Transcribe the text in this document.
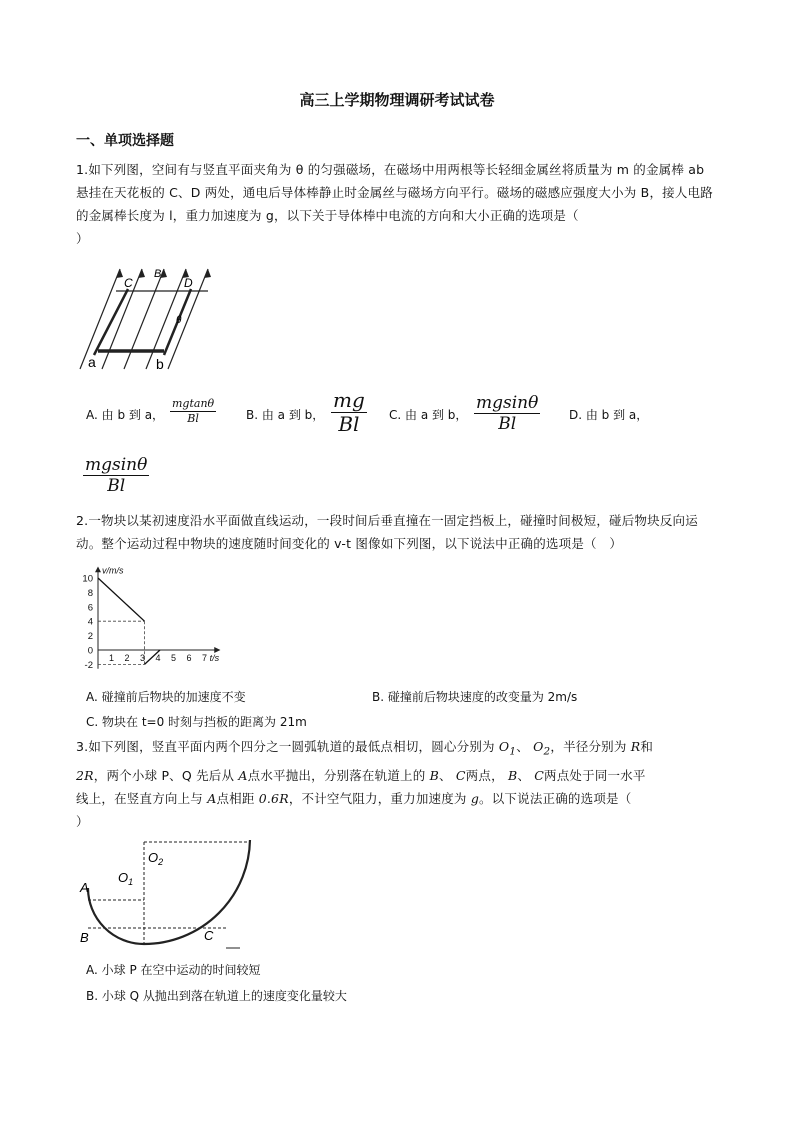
高三上学期物理调研考试试卷
一、单项选择题
1.如下列图，空间有与竖直平面夹角为 θ 的匀强磁场，在磁场中用两根等长轻细金属丝将质量为 m 的金属棒 ab 悬挂在天花板的 C、D 两处，通电后导体棒静止时金属丝与磁场方向平行。磁场的磁感应强度大小为 B，接人电路的金属棒长度为 l，重力加速度为 g，以下关于导体棒中电流的方向和大小正确的选项是（
）
B
C	D
θ
a	b
A. 由 b 到 a， $\frac{mgtan\theta}{Bl} B$. 由 a 到 b， $\frac{mg}{Bl} C$. 由 a 到 b， $\frac{mgsin\theta}{Bl} D$. 由 b 到 a，
$\frac{mgsin\theta}{Bl}$
2.一物块以某初速度沿水平面做直线运动，一段时间后垂直撞在一固定挡板上，碰撞时间极短，碰后物块反向运动。整个运动过程中物块的速度随时间变化的 v-t 图像如下列图，以下说法中正确的选项是（　）
10
8
6
4
2
0
-2
1 2 3 4 5 6 7
v/m/s
t/s
A. 碰撞前后物块的加速度不变	B. 碰撞前后物块速度的改变量为 2m/s
C. 物块在 t=0 时刻与挡板的距离为 21m
3.如下列图，竖直平面内两个四分之一圆弧轨道的最低点相切，圆心分别为 $O_1$、 $O_2$，半径分别为 R和
2R，两个小球 P、Q 先后从 A点水平抛出，分别落在轨道上的 B、 C两点， B、 C两点处于同一水平
线上，在竖直方向上与 A点相距 0.6R，不计空气阻力，重力加速度为 g。以下说法正确的选项是（
）
$O_2$
$O_1$
A
B	C
A. 小球 P 在空中运动的时间较短
B. 小球 Q 从抛出到落在轨道上的速度变化量较大
